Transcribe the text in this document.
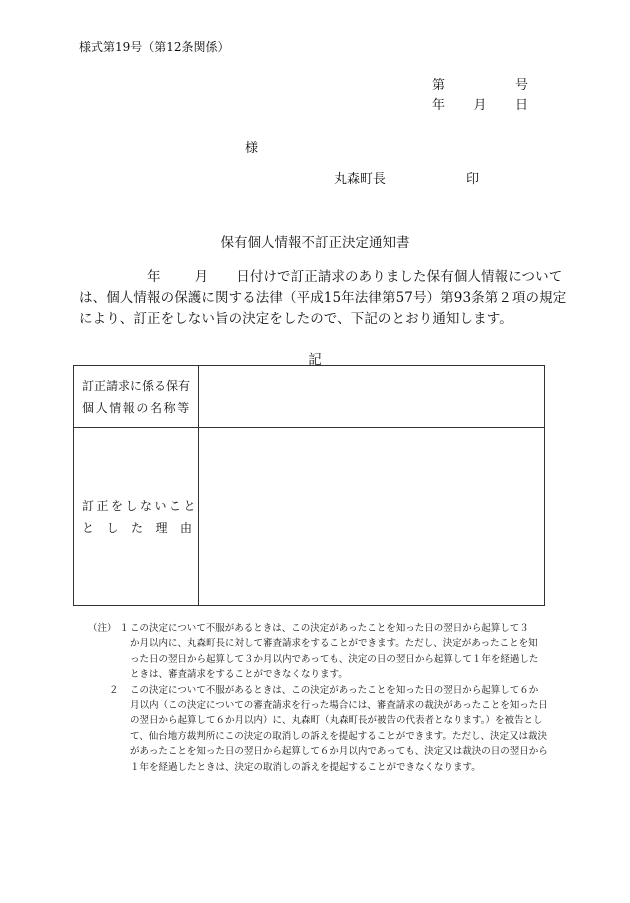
様式第19号（第12条関係）
第	号
年 月 日
様
丸森町長	印
保有個人情報不訂正決定通知書
年	月 日付けで訂正請求のありました保有個人情報について
は、個人情報の保護に関する法律（平成15年法律第57号）第93条第２項の規定
により、訂正をしない旨の決定をしたので、下記のとおり通知します。
記
訂正請求に係る保有
個人情報の名称等
訂正をしないこと
とした理由
（注） １ この決定について不服があるときは、この決定があったことを知った日の翌日から起算して３
か月以内に、丸森町長に対して審査請求をすることができます。ただし、決定があったことを知
った日の翌日から起算して３か月以内であっても、決定の日の翌日から起算して１年を経過した
ときは、審査請求をすることができなくなります。
２	この決定について不服があるときは、この決定があったことを知った日の翌日から起算して６か
月以内（この決定についての審査請求を行った場合には、審査請求の裁決があったことを知った日
の翌日から起算して６か月以内）に、丸森町（丸森町長が被告の代表者となります。）を被告とし
て、仙台地方裁判所にこの決定の取消しの訴えを提起することができます。ただし、決定又は裁決
があったことを知った日の翌日から起算して６か月以内であっても、決定又は裁決の日の翌日から
１年を経過したときは、決定の取消しの訴えを提起することができなくなります。
